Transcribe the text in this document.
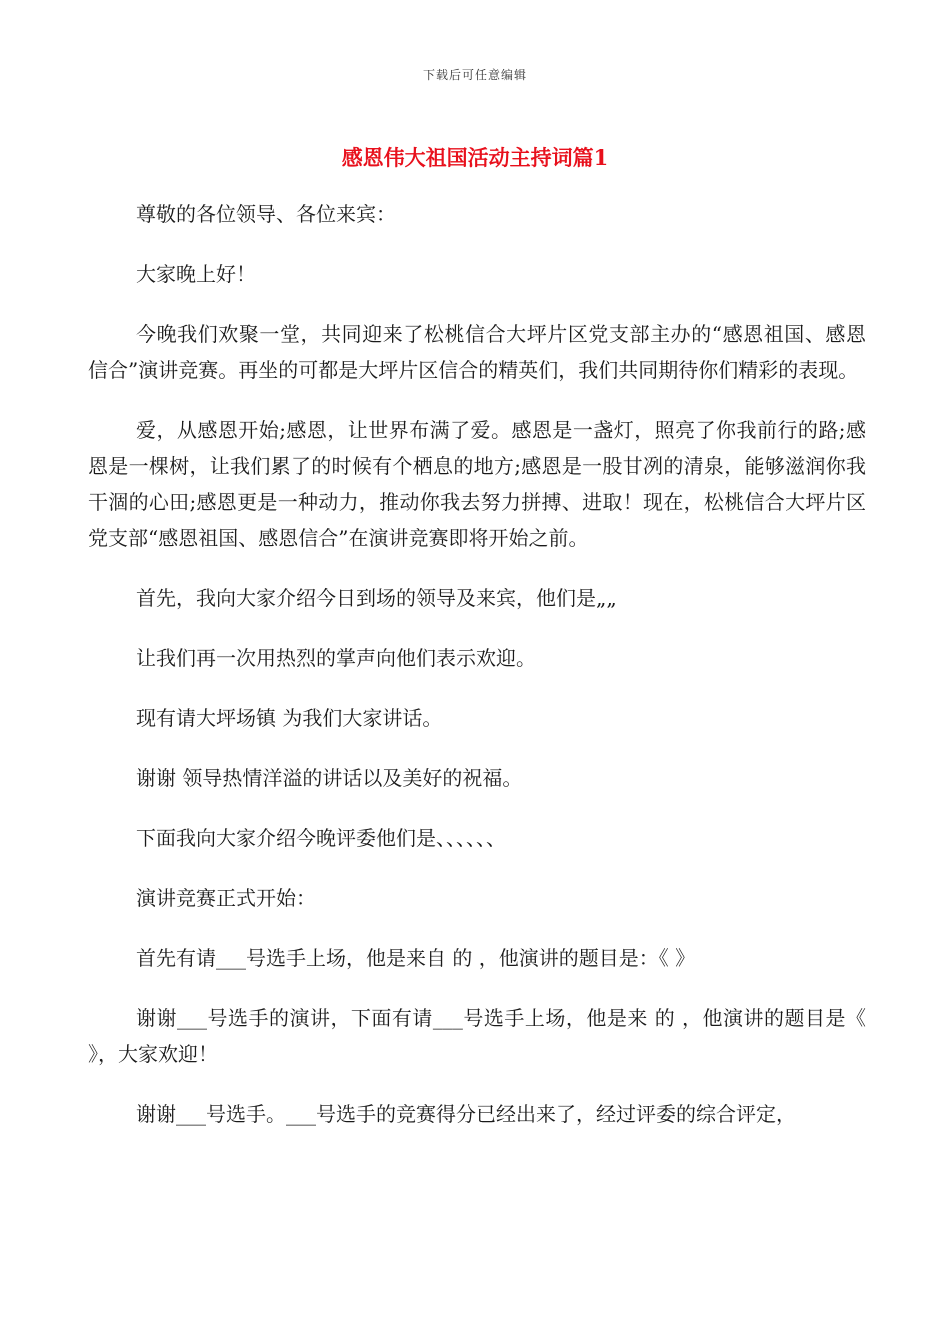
下载后可任意编辑
感恩伟大祖国活动主持词篇1

尊敬的各位领导、各位来宾：

大家晚上好！

今晚我们欢聚一堂，共同迎来了松桃信合大坪片区党支部主办的“感恩祖国、感恩信合”演讲竞赛。再坐的可都是大坪片区信合的精英们，我们共同期待你们精彩的表现。

爱，从感恩开始;感恩，让世界布满了爱。感恩是一盏灯，照亮了你我前行的路;感恩是一棵树，让我们累了的时候有个栖息的地方;感恩是一股甘冽的清泉，能够滋润你我干涸的心田;感恩更是一种动力，推动你我去努力拼搏、进取！现在，松桃信合大坪片区党支部“感恩祖国、感恩信合”在演讲竞赛即将开始之前。

首先，我向大家介绍今日到场的领导及来宾，他们是„„

让我们再一次用热烈的掌声向他们表示欢迎。

现有请大坪场镇 为我们大家讲话。

谢谢 领导热情洋溢的讲话以及美好的祝福。

下面我向大家介绍今晚评委他们是、、、、、、

演讲竞赛正式开始：

首先有请___号选手上场，他是来自 的 ，他演讲的题目是：《 》

谢谢___号选手的演讲，下面有请___号选手上场，他是来 的 ，他演讲的题目是《 》，大家欢迎！

谢谢___号选手。___号选手的竞赛得分已经出来了，经过评委的综合评定，
